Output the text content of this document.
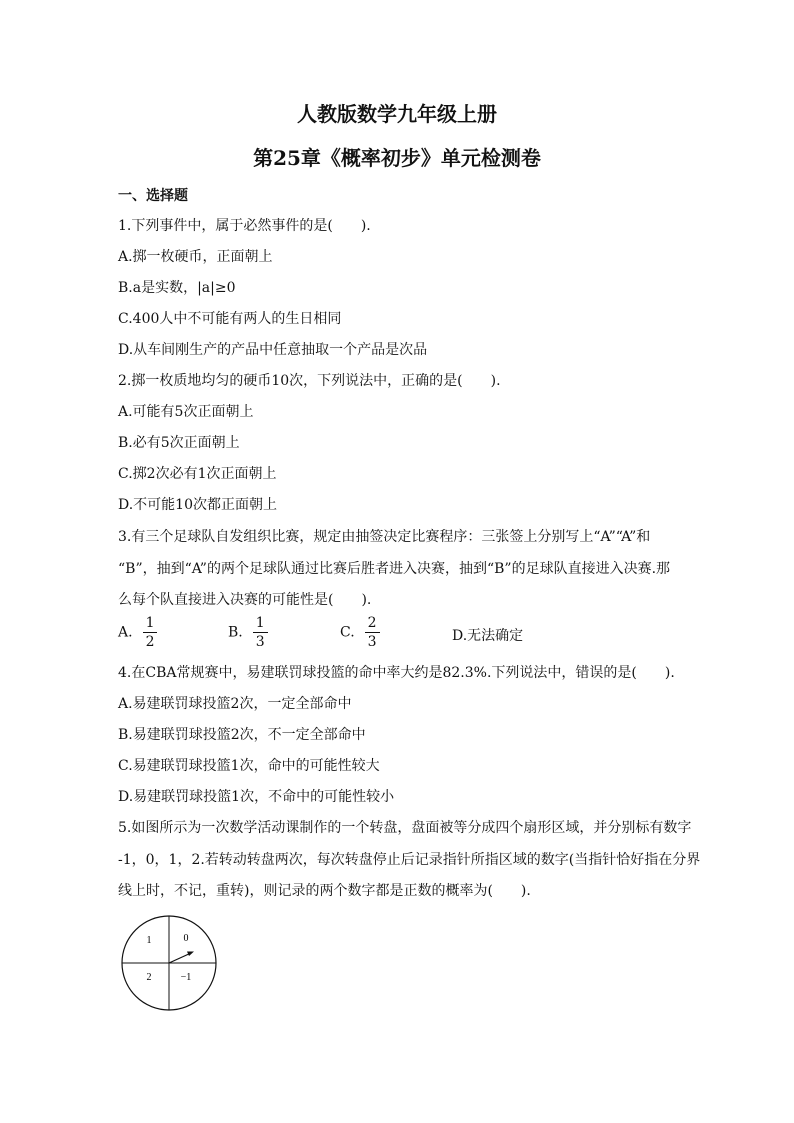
人教版数学九年级上册
第25章《概率初步》单元检测卷

一、选择题

1.下列事件中，属于必然事件的是(　　).

A.掷一枚硬币，正面朝上

B.a是实数，|a|≥0

C.400人中不可能有两人的生日相同

D.从车间刚生产的产品中任意抽取一个产品是次品

2.掷一枚质地均匀的硬币10次，下列说法中，正确的是(　　).

A.可能有5次正面朝上

B.必有5次正面朝上

C.掷2次必有1次正面朝上

D.不可能10次都正面朝上

3.有三个足球队自发组织比赛，规定由抽签决定比赛程序：三张签上分别写上“A”“A”和

“B”，抽到“A”的两个足球队通过比赛后胜者进入决赛，抽到“B”的足球队直接进入决赛.那

么每个队直接进入决赛的可能性是(　　).

A. $\frac{1}{2}$	B. $\frac{1}{3}$	C. $\frac{2}{3}$	D.无法确定

4.在CBA常规赛中，易建联罚球投篮的命中率大约是82.3%.下列说法中，错误的是(　　).

A.易建联罚球投篮2次，一定全部命中

B.易建联罚球投篮2次，不一定全部命中

C.易建联罚球投篮1次，命中的可能性较大

D.易建联罚球投篮1次，不命中的可能性较小

5.如图所示为一次数学活动课制作的一个转盘，盘面被等分成四个扇形区域，并分别标有数字

-1，0，1，2.若转动转盘两次，每次转盘停止后记录指针所指区域的数字(当指针恰好指在分界

线上时，不记，重转)，则记录的两个数字都是正数的概率为(　　).

1	0
2	−1
